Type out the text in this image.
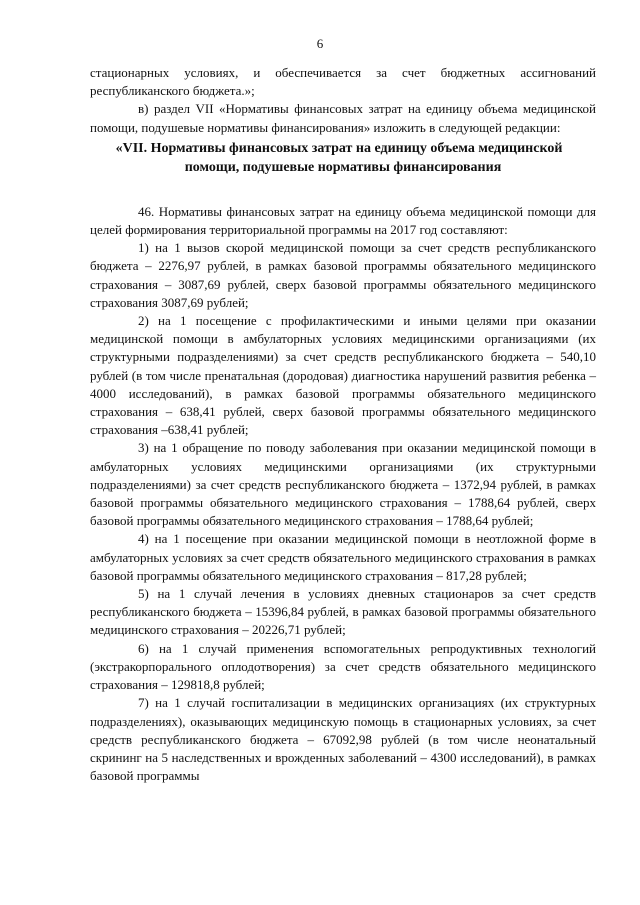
6

стационарных условиях, и обеспечивается за счет бюджетных ассигнований республиканского бюджета.»;

в) раздел VII «Нормативы финансовых затрат на единицу объема медицинской помощи, подушевые нормативы финансирования» изложить в следующей редакции:

«VII. Нормативы финансовых затрат на единицу объема медицинской
помощи, подушевые нормативы финансирования

46. Нормативы финансовых затрат на единицу объема медицинской помощи для целей формирования территориальной программы на 2017 год составляют:

1) на 1 вызов скорой медицинской помощи за счет средств республиканского бюджета – 2276,97 рублей, в рамках базовой программы обязательного медицинского страхования – 3087,69 рублей, сверх базовой программы обязательного медицинского страхования 3087,69 рублей;

2) на 1 посещение с профилактическими и иными целями при оказании медицинской помощи в амбулаторных условиях медицинскими организациями (их структурными подразделениями) за счет средств республиканского бюджета – 540,10 рублей (в том числе пренатальная (дородовая) диагностика нарушений развития ребенка – 4000 исследований), в рамках базовой программы обязательного медицинского страхования – 638,41 рублей, сверх базовой программы обязательного медицинского страхования –638,41 рублей;

3) на 1 обращение по поводу заболевания при оказании медицинской помощи в амбулаторных условиях медицинскими организациями (их структурными подразделениями) за счет средств республиканского бюджета – 1372,94 рублей, в рамках базовой программы обязательного медицинского страхования – 1788,64 рублей, сверх базовой программы обязательного медицинского страхования – 1788,64 рублей;

4) на 1 посещение при оказании медицинской помощи в неотложной форме в амбулаторных условиях за счет средств обязательного медицинского страхования в рамках базовой программы обязательного медицинского страхования – 817,28 рублей;

5) на 1 случай лечения в условиях дневных стационаров за счет средств республиканского бюджета – 15396,84 рублей, в рамках базовой программы обязательного медицинского страхования – 20226,71 рублей;

6) на 1 случай применения вспомогательных репродуктивных технологий (экстракорпорального оплодотворения) за счет средств обязательного медицинского страхования – 129818,8 рублей;

7) на 1 случай госпитализации в медицинских организациях (их структурных подразделениях), оказывающих медицинскую помощь в стационарных условиях, за счет средств республиканского бюджета – 67092,98 рублей (в том числе неонатальный скрининг на 5 наследственных и врожденных заболеваний – 4300 исследований), в рамках базовой программы
